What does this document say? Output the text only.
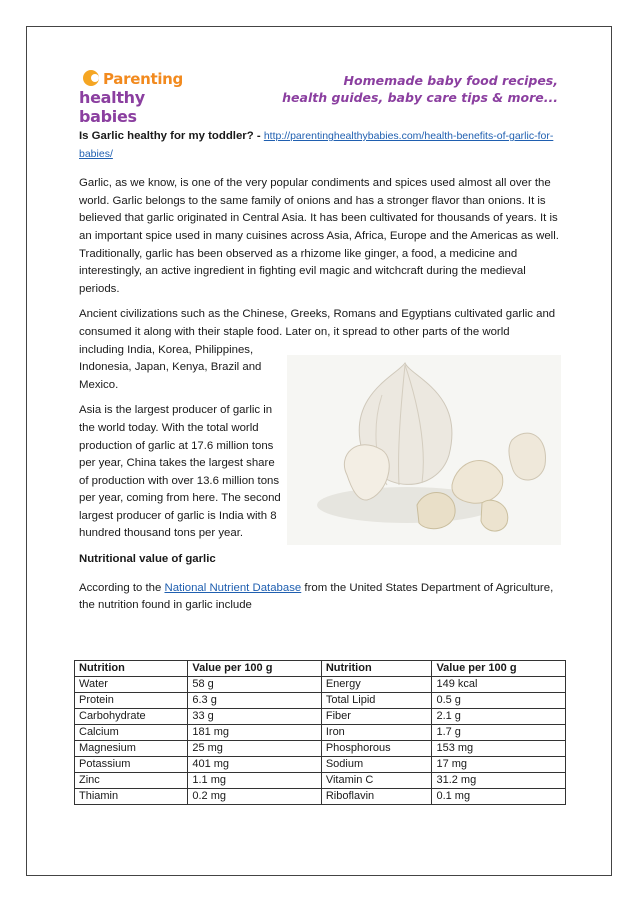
Parenting
healthy babies
Homemade baby food recipes,
health guides, baby care tips & more...

Is Garlic healthy for my toddler? - http://parentinghealthybabies.com/health-benefits-of-garlic-for-babies/

Garlic, as we know, is one of the very popular condiments and spices used almost all over the world. Garlic belongs to the same family of onions and has a stronger flavor than onions. It is believed that garlic originated in Central Asia. It has been cultivated for thousands of years. It is an important spice used in many cuisines across Asia, Africa, Europe and the Americas as well. Traditionally, garlic has been observed as a rhizome like ginger, a food, a medicine and interestingly, an active ingredient in fighting evil magic and witchcraft during the medieval periods.

Ancient civilizations such as the Chinese, Greeks, Romans and Egyptians cultivated garlic and consumed it along with their staple food. Later on, it spread to other parts of the world
including India, Korea, Philippines, Indonesia, Japan, Kenya, Brazil and Mexico.

Asia is the largest producer of garlic in the world today. With the total world production of garlic at 17.6 million tons per year, China takes the largest share of production with over 13.6 million tons per year, coming from here. The second largest producer of garlic is India with 8 hundred thousand tons per year.

Nutritional value of garlic

According to the National Nutrient Database from the United States Department of Agriculture, the nutrition found in garlic include

Nutrition	Value per 100 g	Nutrition	Value per 100 g
Water	58 g	Energy	149 kcal
Protein	6.3 g	Total Lipid	0.5 g
Carbohydrate	33 g	Fiber	2.1 g
Calcium	181 mg	Iron	1.7 g
Magnesium	25 mg	Phosphorous	153 mg
Potassium	401 mg	Sodium	17 mg
Zinc	1.1 mg	Vitamin C	31.2 mg
Thiamin	0.2 mg	Riboflavin	0.1 mg
